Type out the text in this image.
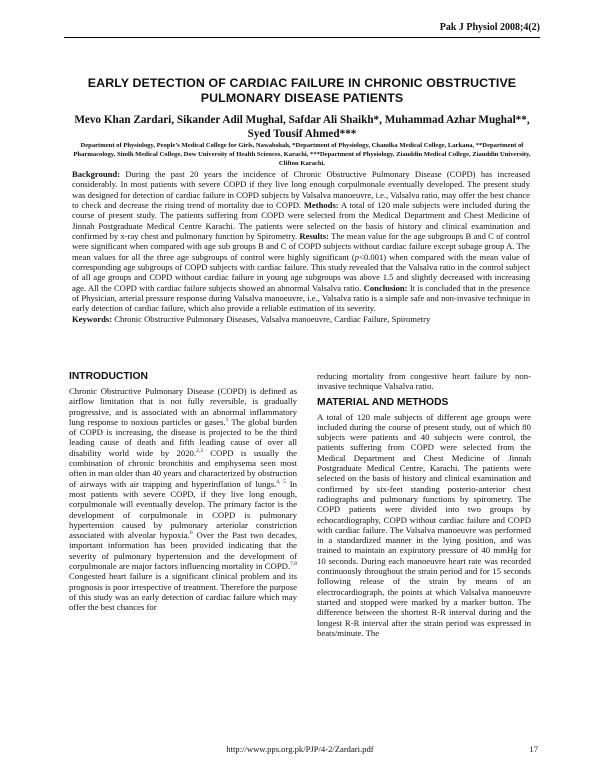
Pak J Physiol 2008;4(2)
EARLY DETECTION OF CARDIAC FAILURE IN CHRONIC OBSTRUCTIVE PULMONARY DISEASE PATIENTS
Mevo Khan Zardari, Sikander Adil Mughal, Safdar Ali Shaikh*, Muhammad Azhar Mughal**, Syed Tousif Ahmed***
Department of Physiology, People’s Medical College for Girls, Nawabshah, *Department of Physiology, Chandka Medical College, Larkana, **Department of Pharmacology, Sindh Medical College, Dow University of Health Sciences, Karachi, ***Department of Physiology, Ziauddin Medical College, Ziauddin University, Clifton Karachi.
Background: During the past 20 years the incidence of Chronic Obstructive Pulmonary Disease (COPD) has increased considerably. In most patients with severe COPD if they live long enough corpulmonale eventually developed. The present study was designed for detection of cardiac failure in COPD subjects by Valsalva manoeuvre, i.e., Valsalva ratio, may offer the best chance to check and decrease the rising trend of mortality due to COPD. Methods: A total of 120 male subjects were included during the course of present study. The patients suffering from COPD were selected from the Medical Department and Chest Medicine of Jinnah Postgraduate Medical Centre Karachi. The patients were selected on the basis of history and clinical examination and confirmed by x-ray chest and pulmonary function by Spirometry. Results: The mean value for the age subgroups B and C of control were significant when compared with age sub groups B and C of COPD subjects without cardiac failure except subage group A. The mean values for all the three age subgroups of control were highly significant (p<0.001) when compared with the mean value of corresponding age subgroups of COPD subjects with cardiac failure. This study revealed that the Valsalva ratio in the control subject of all age groups and COPD without cardiac failure in young age subgroups was above 1.5 and slightly decreased with increasing age. All the COPD with cardiac failure subjects showed an abnormal Valsalva ratio. Conclusion: It is concluded that in the presence of Physician, arterial pressure response during Valsalva manoeuvre, i.e., Valsalva ratio is a simple safe and non-invasive technique in early detection of cardiac failure, which also provide a reliable estimation of its severity.
Keywords: Chronic Obstructive Pulmonary Diseases, Valsalva manoeuvre, Cardiac Failure, Spirometry
INTRODUCTION

Chronic Obstructive Pulmonary Disease (COPD) is defined as airflow limitation that is not fully reversible, is gradually progressive, and is associated with an abnormal inflammatory lung response to noxious particles or gases.$^1$ The global burden of COPD is increasing, the disease is projected to be the third leading cause of death and fifth leading cause of over all disability world wide by 2020.$^{2,3}$ COPD is usually the combination of chronic bronchitis and emphysema seen most often in man older than 40 years and characterized by obstruction of airways with air trapping and hyperinflation of lungs.$^{4, 5}$ In most patients with severe COPD, if they live long enough, corpulmonale will eventually develop. The primary factor is the development of corpulmonale in COPD is pulmonary hypertension caused by pulmonary arteriolar constriction associated with alveolar hypoxia.$^6$ Over the Past two decades, important information has been provided indicating that the severity of pulmonary hypertension and the development of corpulmonale are major factors influencing mortality in COPD.$^{7,8}$ Congested heart failure is a significant clinical problem and its prognosis is poor irrespective of treatment. Therefore the purpose of this study was an early detection of cardiac failure which may offer the best chances for

reducing mortality from congestive heart failure by non-invasive technique Valsalva ratio.

MATERIAL AND METHODS

A total of 120 male subjects of different age groups were included during the course of present study, out of which 80 subjects were patients and 40 subjects were control, the patients suffering from COPD were selected from the Medical Department and Chest Medicine of Jinnah Postgraduate Medical Centre, Karachi. The patients were selected on the basis of history and clinical examination and confirmed by six-feet standing posterio-anterior chest radiographs and pulmonary functions by spirometry. The COPD patients were divided into two groups by echocardiography, COPD without cardiac failure and COPD with cardiac failure. The Valsalva manoeuvre was performed in a standardized manner in the lying position, and was trained to maintain an expiratory pressure of 40 mmHg for 10 seconds. During each manoeuvre heart rate was recorded continuously throughout the strain period and for 15 seconds following release of the strain by means of an electrocardiograph, the points at which Valsalva manoeuvre started and stopped were marked by a marker button. The difference between the shortest R-R interval during and the longest R-R interval after the strain period was expressed in beats/minute. The

http://www.pps.org.pk/PJP/4-2/Zardari.pdf	17
